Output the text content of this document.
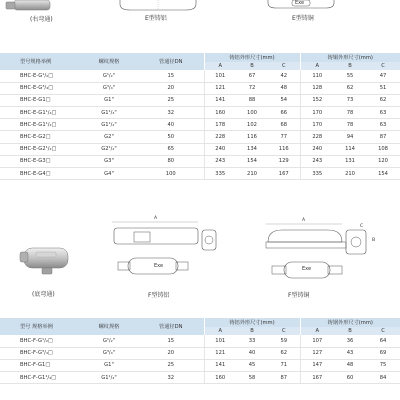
(右弯通)	E型铸铝
Exe
E型铸铜
型号规格举例	螺纹规格	管通径DN	铸铝外形尺寸(mm)			铸铜外形尺寸(mm)		
			A	B	C	A	B	C
BHC-E-G¹/₂□	G¹/₂"	15	101	67	42	110	55	47
BHC-E-G³/₄□	G³/₄"	20	121	72	48	128	62	51
BHC-E-G1□	G1"	25	141	88	54	152	73	62
BHC-E-G1¹/₄□	G1¹/₄"	32	160	100	66	170	78	63
BHC-E-G1¹/₂□	G1¹/₂"	40	178	102	68	170	78	63
BHC-E-G2□	G2"	50	228	116	77	228	94	87
BHC-E-G2¹/₂□	G2¹/₂"	65	240	134	116	240	114	108
BHC-E-G3□	G3"	80	243	154	129	243	131	120
BHC-E-G4□	G4"	100	335	210	167	335	210	154
(底弯通)
Exe
A
F型铸铝
A
B
C
Exe
F型铸铜
型号 规格举例	螺纹规格	管通径DN	铸铝外形尺寸(mm)			铸钢外形尺寸(mm)		
			A	B	C	A	B	C
BHC-F-G¹/₂□	G¹/₂"	15	101	33	59	107	36	64
BHC-F-G³/₄□	G³/₄"	20	121	40	62	127	43	69
BHC-F-G1□	G1"	25	141	45	71	147	48	75
BHC-F-G1¹/₄□	G1¹/₄"	32	160	58	87	167	60	84
